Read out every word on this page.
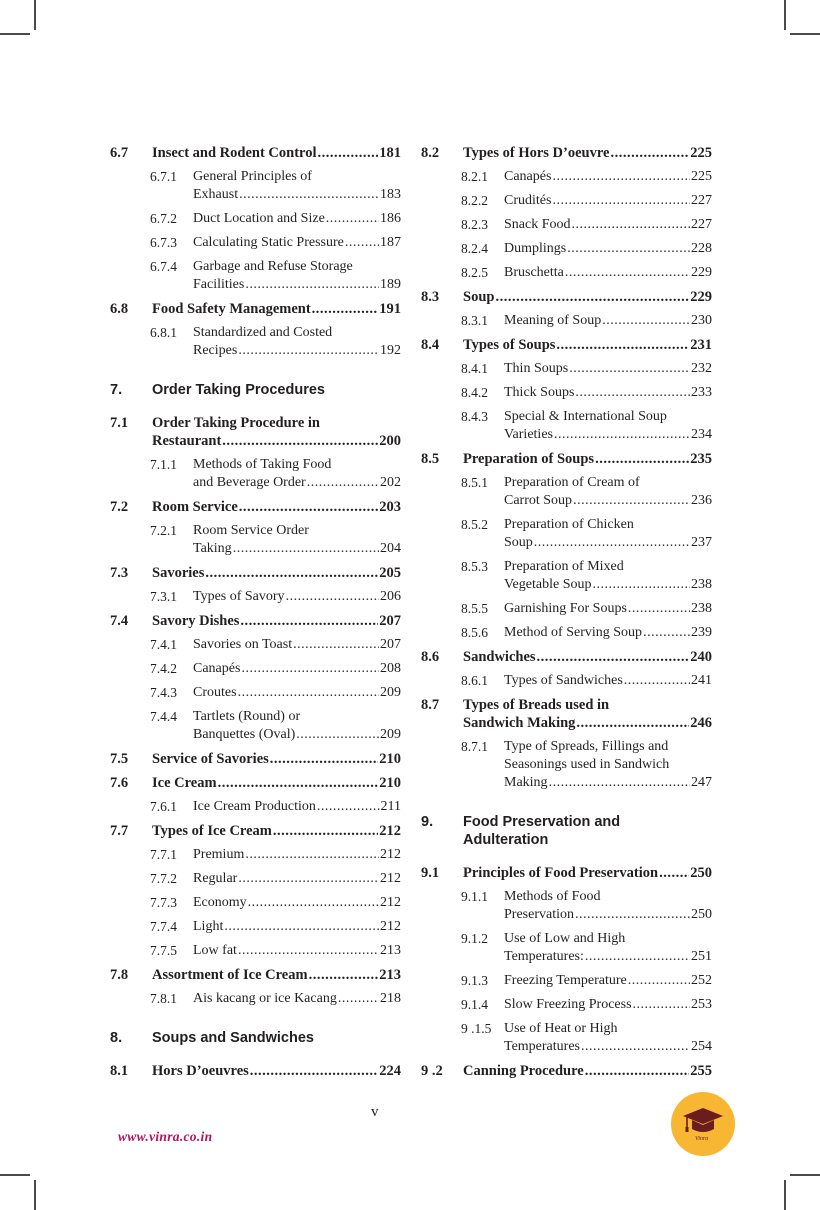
6.7 Insect and Rodent Control .....	181
6.7.1 General Principles of
Exhaust .....	183
6.7.2 Duct Location and Size .....	186
6.7.3 Calculating Static Pressure .....	187
6.7.4 Garbage and Refuse Storage
Facilities .....	189
6.8 Food Safety Management .....	191
6.8.1 Standardized and Costed
Recipes .....	192
7. Order Taking Procedures
7.1 Order Taking Procedure in
Restaurant .....	200
7.1.1 Methods of Taking Food
and Beverage Order .....	202
7.2 Room Service .....	203
7.2.1 Room Service Order
Taking .....	204
7.3 Savories .....	205
7.3.1 Types of Savory .....	206
7.4 Savory Dishes .....	207
7.4.1 Savories on Toast .....	207
7.4.2 Canapés .....	208
7.4.3 Croutes .....	209
7.4.4 Tartlets (Round) or
Banquettes (Oval) .....	209
7.5 Service of Savories .....	210
7.6 Ice Cream .....	210
7.6.1 Ice Cream Production .....	211
7.7 Types of Ice Cream .....	212
7.7.1 Premium .....	212
7.7.2 Regular .....	212
7.7.3 Economy .....	212
7.7.4 Light .....	212
7.7.5 Low fat .....	213
7.8 Assortment of Ice Cream .....	213
7.8.1 Ais kacang or ice Kacang .....	218
8. Soups and Sandwiches
8.1 Hors D’oeuvres .....	224
8.2 Types of Hors D’oeuvre .....	225
8.2.1 Canapés .....	225
8.2.2 Crudités .....	227
8.2.3 Snack Food .....	227
8.2.4 Dumplings .....	228
8.2.5 Bruschetta .....	229
8.3 Soup .....	229
8.3.1 Meaning of Soup .....	230
8.4 Types of Soups .....	231
8.4.1 Thin Soups .....	232
8.4.2 Thick Soups .....	233
8.4.3 Special & International Soup
Varieties .....	234
8.5 Preparation of Soups .....	235
8.5.1 Preparation of Cream of
Carrot Soup .....	236
8.5.2 Preparation of Chicken
Soup .....	237
8.5.3 Preparation of Mixed
Vegetable Soup .....	238
8.5.5 Garnishing For Soups .....	238
8.5.6 Method of Serving Soup .....	239
8.6 Sandwiches .....	240
8.6.1 Types of Sandwiches .....	241
8.7 Types of Breads used in
Sandwich Making .....	246
8.7.1 Type of Spreads, Fillings and
Seasonings used in Sandwich
Making .....	247
9. Food Preservation and
Adulteration
9.1 Principles of Food Preservation ..... 250
9.1.1 Methods of Food
Preservation .....	250
9.1.2 Use of Low and High
Temperatures: .....	251
9.1.3 Freezing Temperature .....	252
9.1.4 Slow Freezing Process .....	253
9 .1.5 Use of Heat or High
Temperatures .....	254
9 .2 Canning Procedure .....	255
v
www.vinra.co.in	Vinra
